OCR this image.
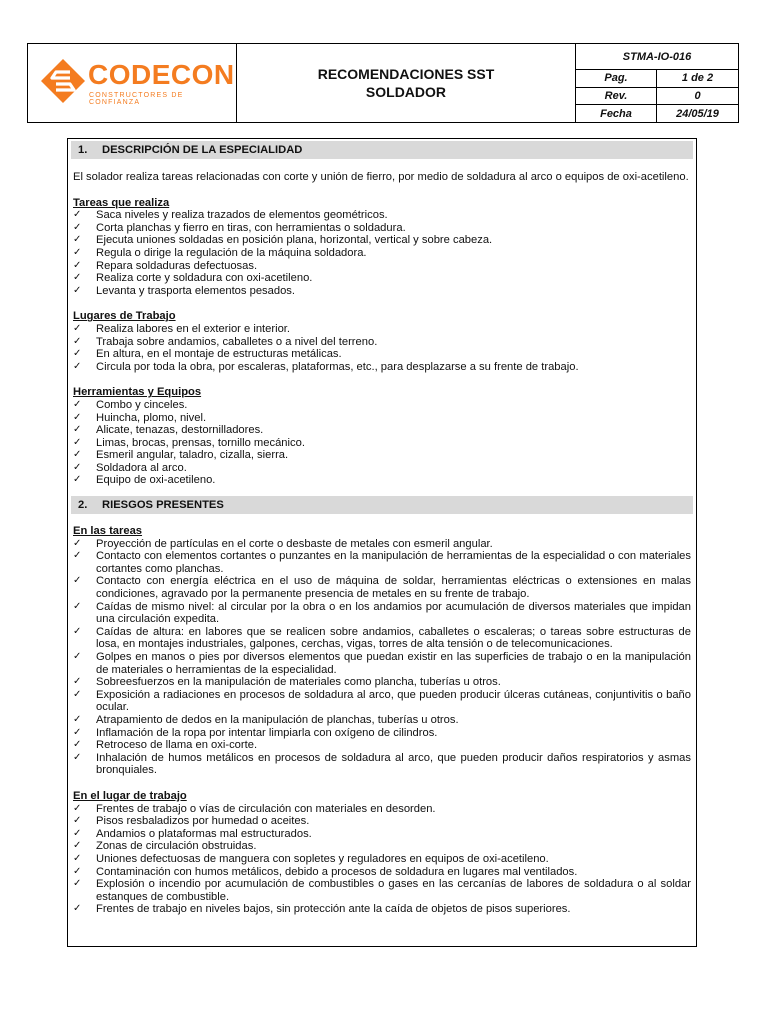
CODECON
CONSTRUCTORES DE CONFIANZA
RECOMENDACIONES SST
SOLDADOR
STMA-IO-016
Pag.	1 de 2
Rev.	0
Fecha	24/05/19
1. DESCRIPCIÓN DE LA ESPECIALIDAD
El solador realiza tareas relacionadas con corte y unión de fierro, por medio de soldadura al arco o equipos de oxi-acetileno.
Tareas que realiza
✓ Saca niveles y realiza trazados de elementos geométricos.
✓ Corta planchas y fierro en tiras, con herramientas o soldadura.
✓ Ejecuta uniones soldadas en posición plana, horizontal, vertical y sobre cabeza.
✓ Regula o dirige la regulación de la máquina soldadora.
✓ Repara soldaduras defectuosas.
✓ Realiza corte y soldadura con oxi-acetileno.
✓ Levanta y trasporta elementos pesados.
Lugares de Trabajo
✓ Realiza labores en el exterior e interior.
✓ Trabaja sobre andamios, caballetes o a nivel del terreno.
✓ En altura, en el montaje de estructuras metálicas.
✓ Circula por toda la obra, por escaleras, plataformas, etc., para desplazarse a su frente de trabajo.
Herramientas y Equipos
✓ Combo y cinceles.
✓ Huincha, plomo, nivel.
✓ Alicate, tenazas, destornilladores.
✓ Limas, brocas, prensas, tornillo mecánico.
✓ Esmeril angular, taladro, cizalla, sierra.
✓ Soldadora al arco.
✓ Equipo de oxi-acetileno.
2. RIESGOS PRESENTES
En las tareas
✓ Proyección de partículas en el corte o desbaste de metales con esmeril angular.
✓ Contacto con elementos cortantes o punzantes en la manipulación de herramientas de la especialidad o con materiales cortantes como planchas.
✓ Contacto con energía eléctrica en el uso de máquina de soldar, herramientas eléctricas o extensiones en malas condiciones, agravado por la permanente presencia de metales en su frente de trabajo.
✓ Caídas de mismo nivel: al circular por la obra o en los andamios por acumulación de diversos materiales que impidan una circulación expedita.
✓ Caídas de altura: en labores que se realicen sobre andamios, caballetes o escaleras; o tareas sobre estructuras de losa, en montajes industriales, galpones, cerchas, vigas, torres de alta tensión o de telecomunicaciones.
✓ Golpes en manos o pies por diversos elementos que puedan existir en las superficies de trabajo o en la manipulación de materiales o herramientas de la especialidad.
✓ Sobreesfuerzos en la manipulación de materiales como plancha, tuberías u otros.
✓ Exposición a radiaciones en procesos de soldadura al arco, que pueden producir úlceras cutáneas, conjuntivitis o baño ocular.
✓ Atrapamiento de dedos en la manipulación de planchas, tuberías u otros.
✓ Inflamación de la ropa por intentar limpiarla con oxígeno de cilindros.
✓ Retroceso de llama en oxi-corte.
✓ Inhalación de humos metálicos en procesos de soldadura al arco, que pueden producir daños respiratorios y asmas bronquiales.
En el lugar de trabajo
✓ Frentes de trabajo o vías de circulación con materiales en desorden.
✓ Pisos resbaladizos por humedad o aceites.
✓ Andamios o plataformas mal estructurados.
✓ Zonas de circulación obstruidas.
✓ Uniones defectuosas de manguera con sopletes y reguladores en equipos de oxi-acetileno.
✓ Contaminación con humos metálicos, debido a procesos de soldadura en lugares mal ventilados.
✓ Explosión o incendio por acumulación de combustibles o gases en las cercanías de labores de soldadura o al soldar estanques de combustible.
✓ Frentes de trabajo en niveles bajos, sin protección ante la caída de objetos de pisos superiores.
